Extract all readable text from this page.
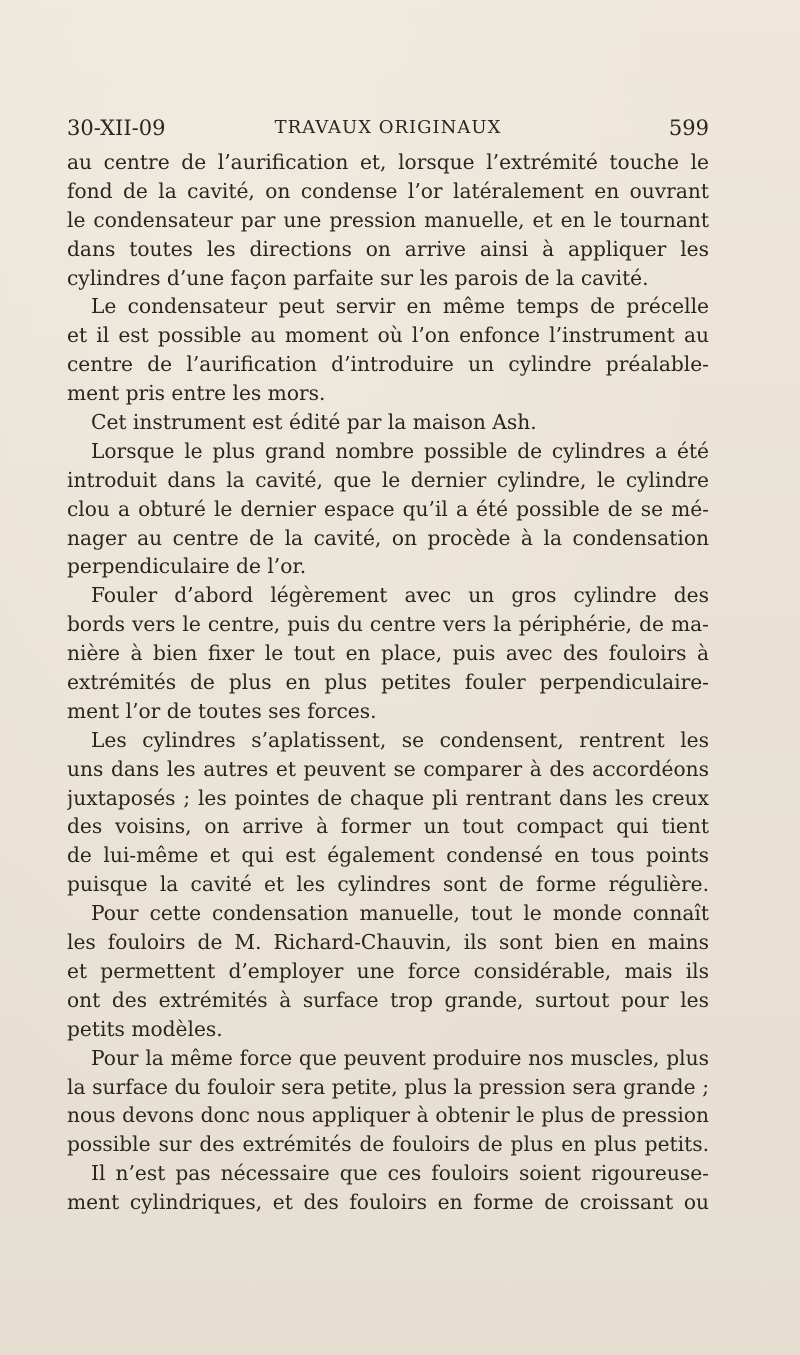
30-XII-09	TRAVAUX ORIGINAUX	599
au centre de l’aurification et, lorsque l’extrémité touche le
fond de la cavité, on condense l’or latéralement en ouvrant
le condensateur par une pression manuelle, et en le tournant
dans toutes les directions on arrive ainsi à appliquer les
cylindres d’une façon parfaite sur les parois de la cavité.
Le condensateur peut servir en même temps de précelle
et il est possible au moment où l’on enfonce l’instrument au
centre de l’aurification d’introduire un cylindre préalable-
ment pris entre les mors.
Cet instrument est édité par la maison Ash.
Lorsque le plus grand nombre possible de cylindres a été
introduit dans la cavité, que le dernier cylindre, le cylindre
clou a obturé le dernier espace qu’il a été possible de se mé-
nager au centre de la cavité, on procède à la condensation
perpendiculaire de l’or.
Fouler d’abord légèrement avec un gros cylindre des
bords vers le centre, puis du centre vers la périphérie, de ma-
nière à bien fixer le tout en place, puis avec des fouloirs à
extrémités de plus en plus petites fouler perpendiculaire-
ment l’or de toutes ses forces.
Les cylindres s’aplatissent, se condensent, rentrent les
uns dans les autres et peuvent se comparer à des accordéons
juxtaposés ; les pointes de chaque pli rentrant dans les creux
des voisins, on arrive à former un tout compact qui tient
de lui-même et qui est également condensé en tous points
puisque la cavité et les cylindres sont de forme régulière.
Pour cette condensation manuelle, tout le monde connaît
les fouloirs de M. Richard-Chauvin, ils sont bien en mains
et permettent d’employer une force considérable, mais ils
ont des extrémités à surface trop grande, surtout pour les
petits modèles.
Pour la même force que peuvent produire nos muscles, plus
la surface du fouloir sera petite, plus la pression sera grande ;
nous devons donc nous appliquer à obtenir le plus de pression
possible sur des extrémités de fouloirs de plus en plus petits.
Il n’est pas nécessaire que ces fouloirs soient rigoureuse-
ment cylindriques, et des fouloirs en forme de croissant ou
